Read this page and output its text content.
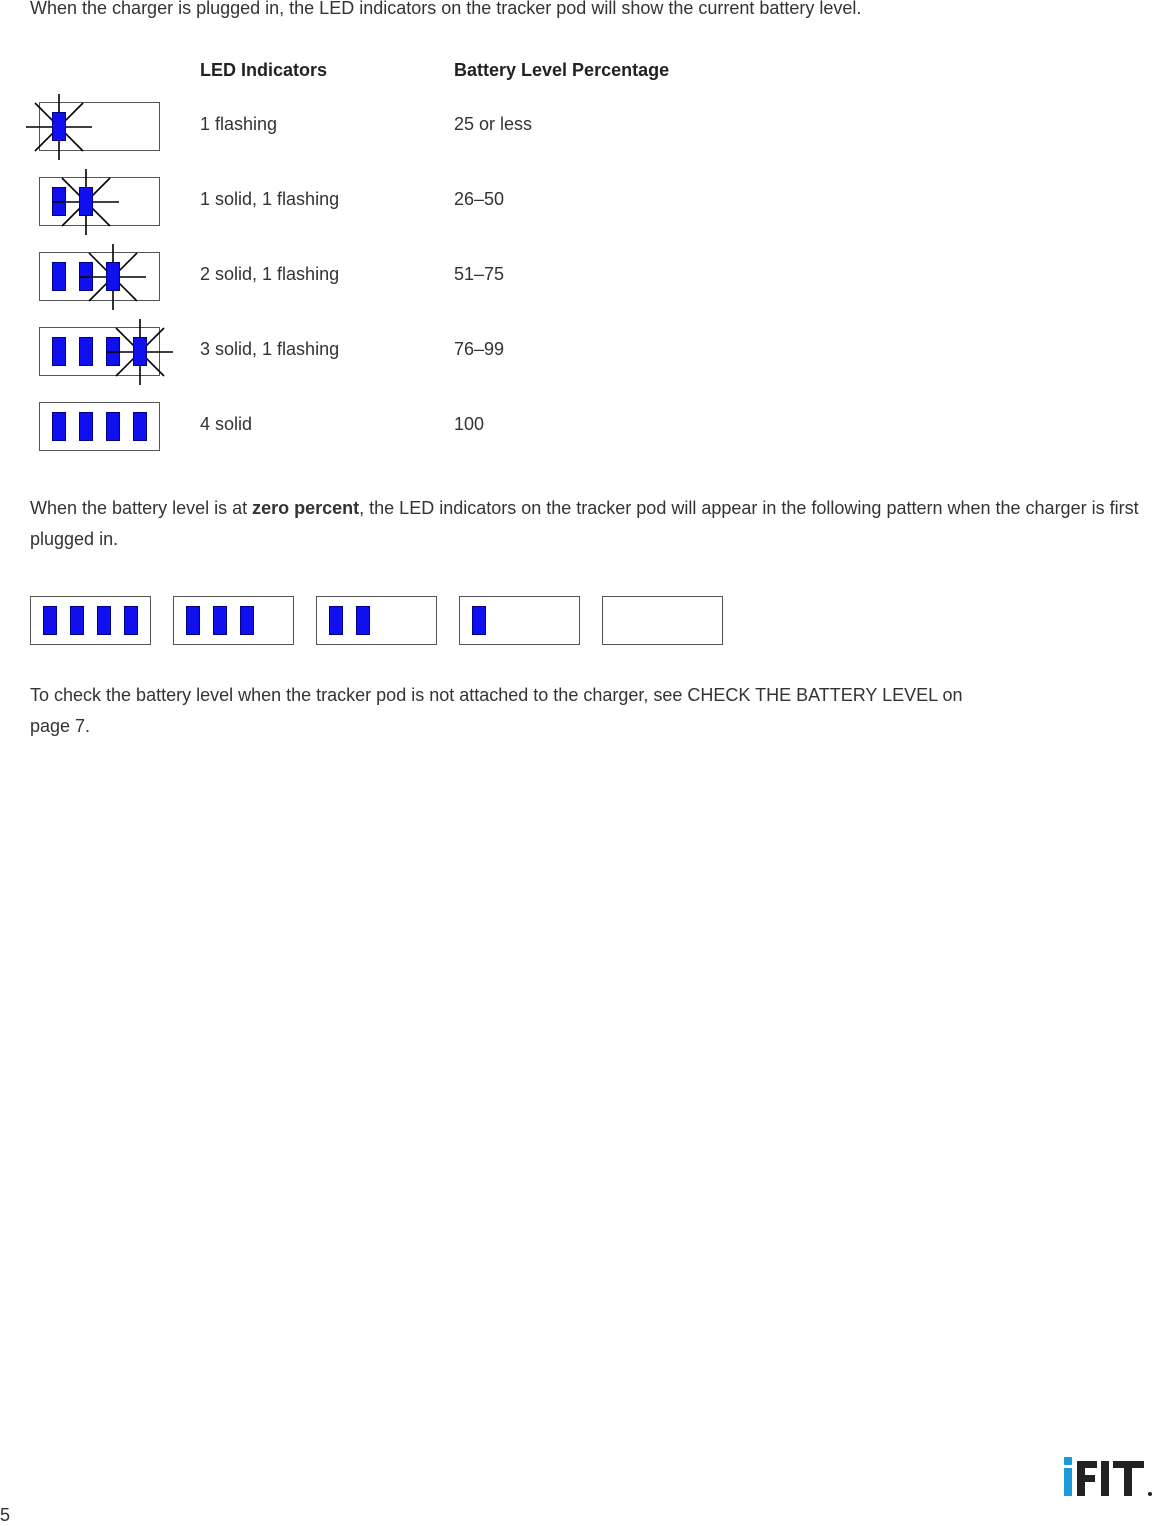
When the charger is plugged in, the LED indicators on the tracker pod will show the current battery level.
LED Indicators	Battery Level Percentage
1 flashing	25 or less
1 solid, 1 flashing	26–50
2 solid, 1 flashing	51–75
3 solid, 1 flashing	76–99
4 solid	100
When the battery level is at zero percent, the LED indicators on the tracker pod will appear in the following pattern when the charger is first plugged in.
To check the battery level when the tracker pod is not attached to the charger, see CHECK THE BATTERY LEVEL on
page 7.
5
